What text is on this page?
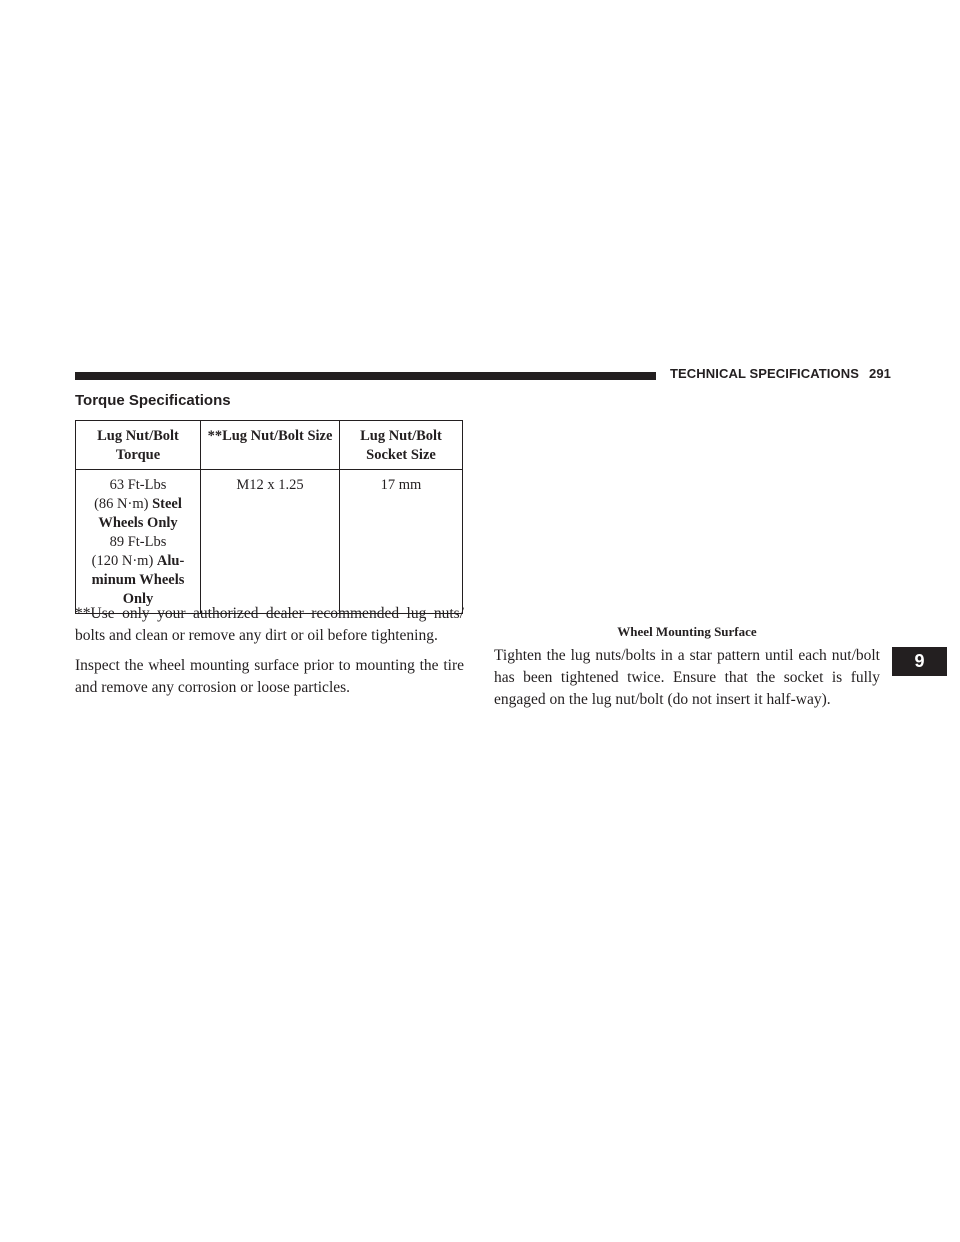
TECHNICAL SPECIFICATIONS 291
Torque Specifications
Lug Nut/Bolt Torque	**Lug Nut/Bolt Size	Lug Nut/Bolt Socket Size

63 Ft-Lbs
(86 N·m) Steel Wheels Only
89 Ft-Lbs
(120 N·m) Alu-minum Wheels Only	M12 x 1.25	17 mm
**Use only your authorized dealer recommended lug nuts/ bolts and clean or remove any dirt or oil before tightening.
Inspect the wheel mounting surface prior to mounting the tire and remove any corrosion or loose particles.
Wheel Mounting Surface
Tighten the lug nuts/bolts in a star pattern until each nut/bolt has been tightened twice. Ensure that the socket is fully engaged on the lug nut/bolt (do not insert it half-way).
9
